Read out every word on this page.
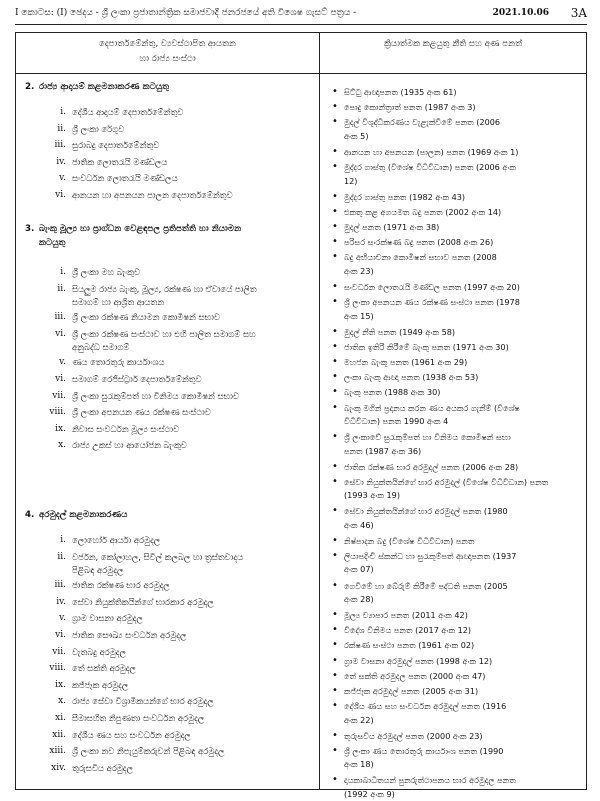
I කොටස: (I) ඡෙදය - ශ්‍රී ලංකා ප්‍රජාතාන්ත්‍රික සමාජවාදී ජනරජයේ අති විශෙෂ ගැසට් පත්‍රය -	2021.10.06 3A
දෙපාර්තමේන්තු, ව්‍යවස්ථාපිත ආයතන
හා රාජ්‍ය සංස්ථා
ක්‍රියාත්මක කළයුතු නීති සහ අණ පනත්
2. රාජ්‍ය ආදායම් කළමනාකරණ කටයුතු
i. දේශීය ආදායම් දෙපාර්තමේන්තුව
ii. ශ්‍රී ලංකා රේගුව
iii. සුරාබදු දෙපාර්තමේන්තුව
iv. ජාතික ලොතරැයි මණ්ඩලය
v. සංවර්ධන ලොතරැයි මණ්ඩලය
vi. ආනයන හා අපනයන පාලන දෙපාර්තමේන්තුව
3. බැංකු මූල්‍ය හා ප්‍රාග්ධන වෙළඳපල ප්‍රතිපත්ති හා නියාමන
කටයුතු
i. ශ්‍රී ලංකා මහ බැංකුව
ii. සියලුම රාජ්‍ය බැංකු, මූල්‍ය, රක්ෂණ හා ඒවායේ පාලිත
සමාගම් හා ආශ්‍රිත ආයතන
iii. ශ්‍රී ලංකා රක්ෂණ නියාමන කොමිෂන් සභාව
vi. ශ්‍රී ලංකා රක්ෂණ සංස්ථාව හා එහි පාලිත සමාගම් සහ
අනුබද්ධ සමාගම්
v. ණය තොරතුරු කාර්යාංශය
vi. සමාගම් රෙජිස්ට්‍රාර් දෙපාර්තමේන්තුව
vii. ශ්‍රී ලංකා සුරැකුම්පත් හා විනිමය කොමිෂන් සභාව
viii. ශ්‍රී ලංකා අපනයන ණය රක්ෂණ සංස්ථාව
ix. නිවාස සංවර්ධන මූල්‍ය සංස්ථාව
x. රාජ්‍ය උකස් හා ආයෝජන බැංකුව
4. අරමුදල් කළමනාකරණය
i. ලොහෝර් ආර්යා අරමුදල
ii. වර්ජන, කෝලාහල, සිවිල් කලබල හා ත්‍රස්තවාදය
පිළිබඳ අරමුදල
iii. ජාතික රක්ෂණ භාර අරමුදල
iv. සේවා නියුක්තිකයින්ගේ භාරකාර අරමුදල
v. ග්‍රාම වාසනා අරමුදල
vi. ජාතික සෞඛ්‍ය සංවර්ධන අරමුදල
vii. වැතබදු අරමුදල
viii. තේ සක්ති අරමුදල
ix. කජ්ජෑක අරමුදල
x. රාජ්‍ය සේවා විශ්‍රාමිකයන්ගේ භාර අරමුදල
xi. සීමාසහිත නිපුණතා සංවර්ධන අරමුදල
xii. දේශීය ණය සහ සංවර්ධන අරමුදල
xiii. ශ්‍රී ලංකා නව නිපැයුම්කරුවන් පිළිබඳ අරමුදල
xiv. තුරුසවිය අරමුදල
• සිට්ටු ආඥාපනත (1935 අංක 61)
• පොදු කොන්ත්‍රාත් පනත (1987 අංක 3)
• මුදල් විශුද්ධිකරණය වැළැක්වීමේ පනත (2006
අංක 5)
• ආනයන හා අපනයන (පාලන) පනත (1969 අංක 1)
• මුද්දර ගාස්තු (විශේෂ විධිවිධාන) පනත (2006 අංක
12)
• මුද්දර ගාස්තු පනත (1982 අංක 43)
• එකතු කළ අගයමත බදු පනත (2002 අංක 14)
• මුදල් පනත (1971 අංක 38)
• පරිසර සංරක්ෂණ බදු පනත (2008 අංක 26)
• බදු අභියාචනා කොමිෂන් සභාව පනත (2008
අංක 23)
• සංවර්ධන ලොතරැයි මණ්ඩල පනත (1997 අංක 20)
• ශ්‍රී ලංකා අපනයන ණය රක්ෂණ සංස්ථා පනත (1978
අංක 15)
• මුදල් නීති පනත (1949 අංක 58)
• ජාතික ඉතිරි කිරීමේ බැංකු පනත (1971 අංක 30)
• මහජන බැංකු පනත (1961 අංක 29)
• ලංකා බැංකු ආඥා පනත (1938 අංක 53)
• බැංකු පනත (1988 අංක 30)
• බැංකු මගින් ප්‍රදානය කරන ණය අයකර ගැනීම් (විශේෂ
විධිවිධාන) පනත 1990 අංක 4
• ශ්‍රී ලංකාවේ සුරැකුම්පත් හා විනිමය කොමිෂන් සභා
පනත (1987 අංක 36)
• ජාතික රක්ෂණ භාර අරමුදල් පනත (2006 අංක 28)
• සේවා නියුක්තයින්ගේ භාර අරමුදල් (විශේෂ විධිවිධාන) පනත
(1993 අංක 19)
• සේවා නියුක්තයින්ගේ භාර අරමුදල් පනත (1980
අංක 46)
• නිෂ්පාදන බදු (විශේෂ විධිවිධාන) පනත
• ලියාපදිංචි ස්කන්ධ හා සුරැකුම්පත් ආඥාපනත (1937
අංක 07)
• ගෙවීමේ හා බේරුම් කිරීමේ පද්ධති පනත (2005
අංක 28)
• මූල්‍ය ව්‍යාපාර පනත (2011 අංක 42)
• විදේශ විනිමය පනත (2017 අංක 12)
• රක්ෂණ සංස්ථා පනත (1961 අංක 02)
• ග්‍රාම වාසනා අරමුදල් පනත (1998 අංක 12)
• තේ සක්ති අරමුදල පනත (2000 අංක 47)
• කජ්ජෑක අරමුදල් පනත (2005 අංක 31)
• දේශීය ණය සහ සංවර්ධන අරමුදල් පනත (1916
අංක 22)
• තුරුසවිය අරමුදල් පනත (2000 අංක 23)
• ශ්‍රී ලංකා ණය තොරතුරු කාර්යාංශ පනත (1990
අංක 18)
• දායකාබාධිතයන් පුනරුත්ථාපනය භාර අරමුදල පනත
(1992 අංක 9)
